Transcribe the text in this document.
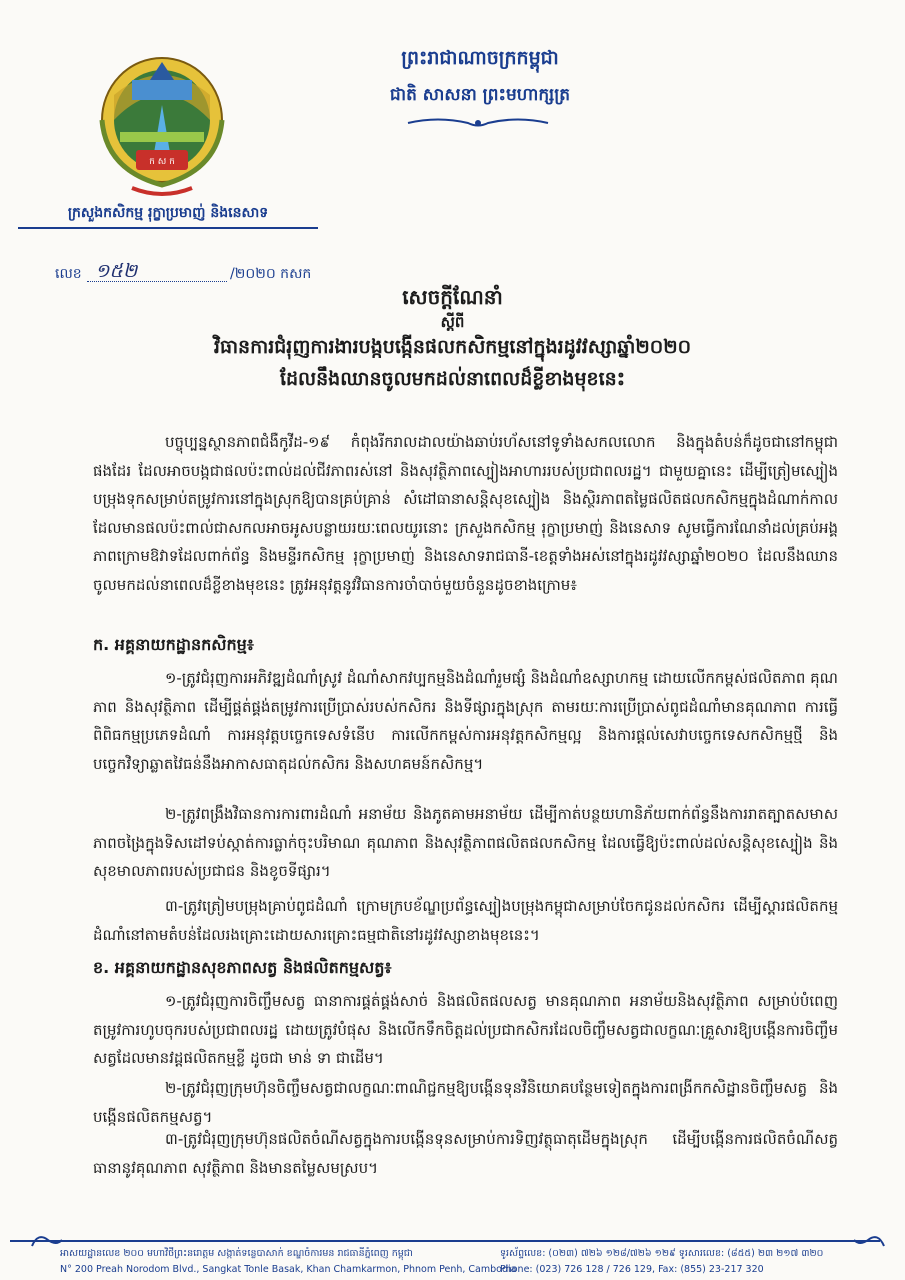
ក ស ក
ក្រសួងកសិកម្ម រុក្ខាប្រមាញ់ និងនេសាទ
ព្រះរាជាណាចក្រកម្ពុជា
ជាតិ សាសនា ព្រះមហាក្សត្រ
លេខ ១៥២	/២០២០ កសក
សេចក្តីណែនាំ
ស្តីពី
វិធានការជំរុញការងារបង្កបង្កើនផលកសិកម្មនៅក្នុងរដូវវស្សាឆ្នាំ២០២០
ដែលនឹងឈានចូលមកដល់នាពេលដ៏ខ្លីខាងមុខនេះ
បច្ចុប្បន្នស្ថានភាពជំងឺកូវីដ-១៩ កំពុងរីករាលដាលយ៉ាងឆាប់រហ័សនៅទូទាំងសកលលោក និងក្នុងតំបន់ក៏ដូចជានៅកម្ពុជាផងដែរ ដែលអាចបង្កជាផលប៉ះពាល់ដល់ជីវភាពរស់នៅ និងសុវត្ថិភាពស្បៀងអាហាររបស់ប្រជាពលរដ្ឋ។ ជាមួយគ្នានេះ ដើម្បីត្រៀមស្បៀងបម្រុងទុកសម្រាប់តម្រូវការនៅក្នុងស្រុកឱ្យបានគ្រប់គ្រាន់ សំដៅធានាសន្តិសុខស្បៀង និងស្ថិរភាពតម្លៃផលិតផលកសិកម្មក្នុងដំណាក់កាលដែលមានផលប៉ះពាល់ជាសកលអាចអូសបន្លាយរយៈពេលយូរនោះ ក្រសួងកសិកម្ម រុក្ខាប្រមាញ់ និងនេសាទ សូមធ្វើការណែនាំដល់គ្រប់អង្គភាពក្រោមឱវាទដែលពាក់ព័ន្ធ និងមន្ទីរកសិកម្ម រុក្ខាប្រមាញ់ និងនេសាទរាជធានី-ខេត្តទាំងអស់នៅក្នុងរដូវវស្សាឆ្នាំ២០២០ ដែលនឹងឈានចូលមកដល់នាពេលដ៏ខ្លីខាងមុខនេះ ត្រូវអនុវត្តនូវវិធានការចាំបាច់មួយចំនួនដូចខាងក្រោម៖
ក. អគ្គនាយកដ្ឋានកសិកម្ម៖
១-ត្រូវជំរុញការអភិវឌ្ឍដំណាំស្រូវ ដំណាំសាកវប្បកម្មនិងដំណាំរួមផ្សំ និងដំណាំឧស្សាហកម្ម ដោយលើកកម្ពស់ផលិតភាព គុណភាព និងសុវត្ថិភាព ដើម្បីផ្គត់ផ្គង់តម្រូវការប្រើប្រាស់របស់កសិករ និងទីផ្សារក្នុងស្រុក តាមរយៈការប្រើប្រាស់ពូជដំណាំមានគុណភាព ការធ្វើពិពិធកម្មប្រភេទដំណាំ ការអនុវត្តបច្ចេកទេសទំនើប ការលើកកម្ពស់ការអនុវត្តកសិកម្មល្អ និងការផ្តល់សេវាបច្ចេកទេសកសិកម្មថ្មី និងបច្ចេកវិទ្យាឆ្លាតវៃធន់នឹងអាកាសធាតុដល់កសិករ និងសហគមន៍កសិកម្ម។
២-ត្រូវពង្រឹងវិធានការការពារដំណាំ អនាម័យ និងភូតគាមអនាម័យ ដើម្បីកាត់បន្ថយហានិភ័យពាក់ព័ន្ធនឹងការរាតត្បាតសមាសភាពចង្រៃក្នុងទិសដៅទប់ស្កាត់ការធ្លាក់ចុះបរិមាណ គុណភាព និងសុវត្ថិភាពផលិតផលកសិកម្ម ដែលធ្វើឱ្យប៉ះពាល់ដល់សន្តិសុខស្បៀង និងសុខមាលភាពរបស់ប្រជាជន និងខូចទីផ្សារ។
៣-ត្រូវត្រៀមបម្រុងគ្រាប់ពូជដំណាំ ក្រោមក្របខ័ណ្ឌប្រព័ន្ធស្បៀងបម្រុងកម្ពុជាសម្រាប់ចែកជូនដល់កសិករ ដើម្បីស្តារផលិតកម្មដំណាំនៅតាមតំបន់ដែលរងគ្រោះដោយសារគ្រោះធម្មជាតិនៅរដូវវស្សាខាងមុខនេះ។
ខ. អគ្គនាយកដ្ឋានសុខភាពសត្វ និងផលិតកម្មសត្វ៖
១-ត្រូវជំរុញការចិញ្ចឹមសត្វ ធានាការផ្គត់ផ្គង់សាច់ និងផលិតផលសត្វ មានគុណភាព អនាម័យនិងសុវត្ថិភាព សម្រាប់បំពេញតម្រូវការហូបចុករបស់ប្រជាពលរដ្ឋ ដោយត្រូវបំផុស និងលើកទឹកចិត្តដល់ប្រជាកសិករដែលចិញ្ចឹមសត្វជាលក្ខណៈគ្រួសារឱ្យបង្កើនការចិញ្ចឹមសត្វដែលមានវដ្តផលិតកម្មខ្លី ដូចជា មាន់ ទា ជាដើម។
២-ត្រូវជំរុញក្រុមហ៊ុនចិញ្ចឹមសត្វជាលក្ខណៈពាណិជ្ជកម្មឱ្យបង្កើនទុនវិនិយោគបន្ថែមទៀតក្នុងការពង្រីកកសិដ្ឋានចិញ្ចឹមសត្វ និងបង្កើនផលិតកម្មសត្វ។
៣-ត្រូវជំរុញក្រុមហ៊ុនផលិតចំណីសត្វក្នុងការបង្កើនទុនសម្រាប់ការទិញវត្ថុធាតុដើមក្នុងស្រុក ដើម្បីបង្កើនការផលិតចំណីសត្វ ធានានូវគុណភាព សុវត្ថិភាព និងមានតម្លៃសមស្រប។
អាសយដ្ឋានលេខ ២០០ មហាវិថីព្រះនរោត្តម សង្កាត់ទន្លេបាសាក់ ខណ្ឌចំការមន រាជធានីភ្នំពេញ កម្ពុជា
N° 200 Preah Norodom Blvd., Sangkat Tonle Basak, Khan Chamkarmon, Phnom Penh, Cambodia
ទូរស័ព្ទលេខ: (០២៣) ៧២៦ ១២៨/៧២៦ ១២៩ ទូរសារលេខ: (៨៥៥) ២៣ ២១៧ ៣២០
Phone: (023) 726 128 / 726 129, Fax: (855) 23-217 320
